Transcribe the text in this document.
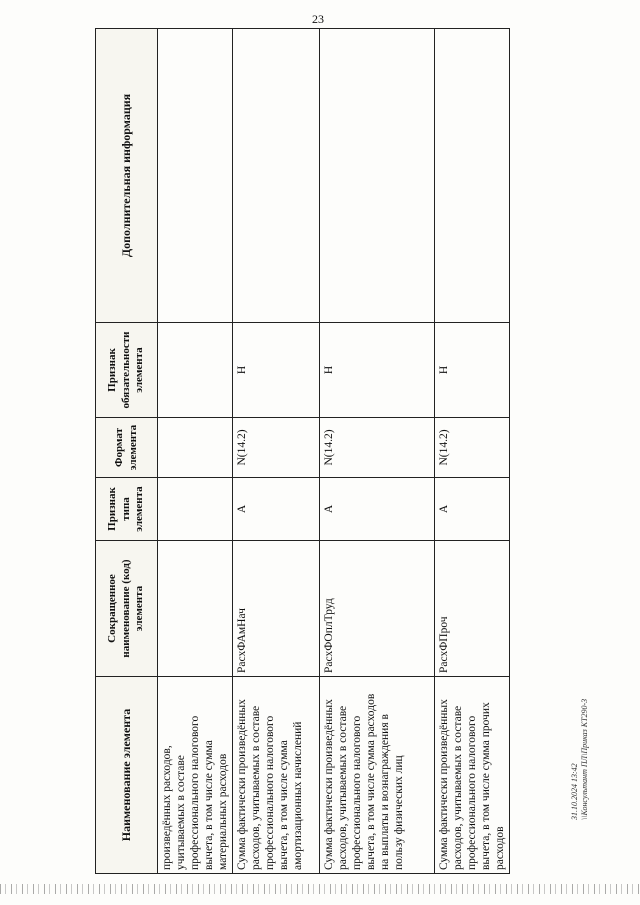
23
Наименование элемента	Сокращенное наименование (код) элемента	Признак типа элемента	Формат элемента	Признак обязательности элемента	Дополнительная информация
произведённых расходов, учитываемых в составе профессионального налогового вычета, в том числе сумма материальных расходов					
Сумма фактически произведённых расходов, учитываемых в составе профессионального налогового вычета, в том числе сумма амортизационных начислений	РасхФАмНач	А	N(14.2)	Н	
Сумма фактически произведённых расходов, учитываемых в составе профессионального налогового вычета, в том числе сумма расходов на выплаты и вознаграждения в пользу физических лиц	РасхФОплТруд	А	N(14.2)	Н	
Сумма фактически произведённых расходов, учитываемых в составе профессионального налогового вычета, в том числе сумма прочих расходов	РасхФПроч	А	N(14.2)	Н	
31.10.2024 13:42 \\Консультант ПЛ\Приказ КТ290-3
